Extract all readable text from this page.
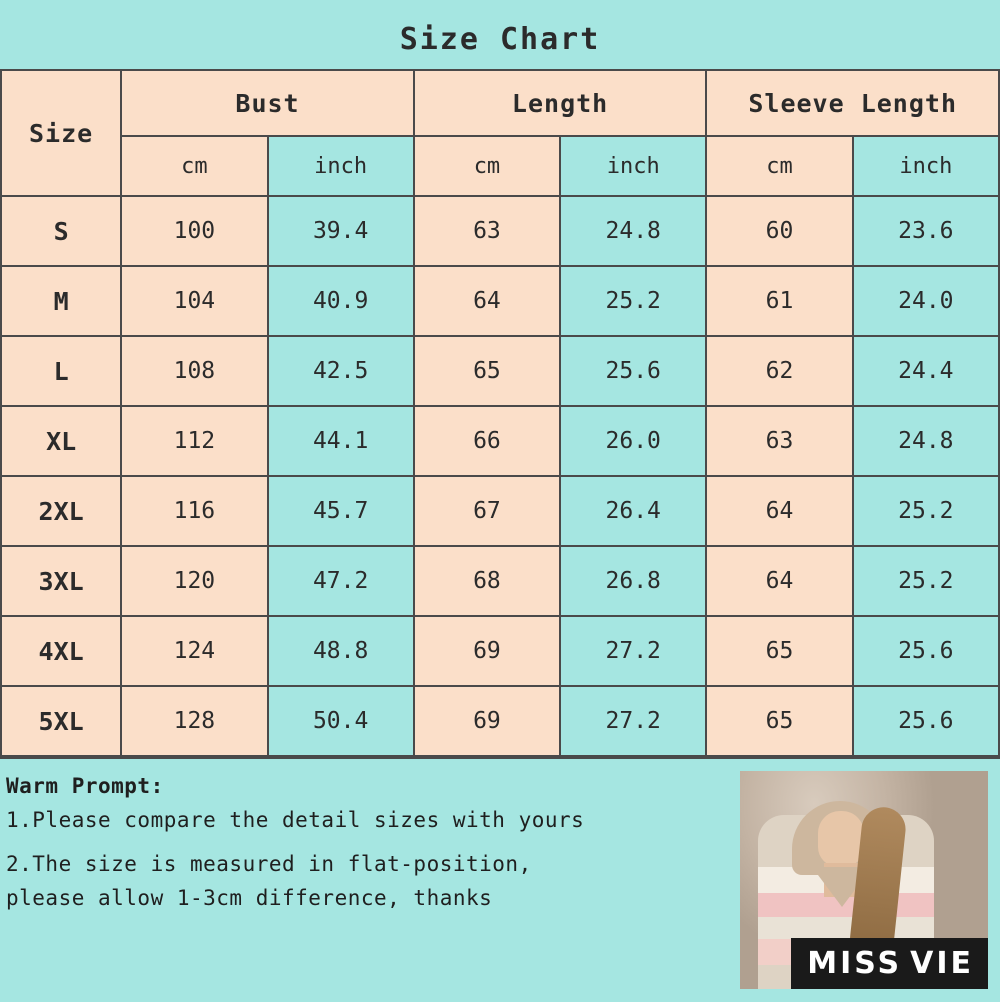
Size Chart
Size	Bust		Length		Sleeve Length	
	cm	inch	cm	inch	cm	inch
S	100	39.4	63	24.8	60	23.6
M	104	40.9	64	25.2	61	24.0
L	108	42.5	65	25.6	62	24.4
XL	112	44.1	66	26.0	63	24.8
2XL	116	45.7	67	26.4	64	25.2
3XL	120	47.2	68	26.8	64	25.2
4XL	124	48.8	69	27.2	65	25.6
5XL	128	50.4	69	27.2	65	25.6
Warm Prompt:
1.Please compare the detail sizes with yours
2.The size is measured in flat-position,
please allow 1-3cm difference, thanks
MISS VIE
